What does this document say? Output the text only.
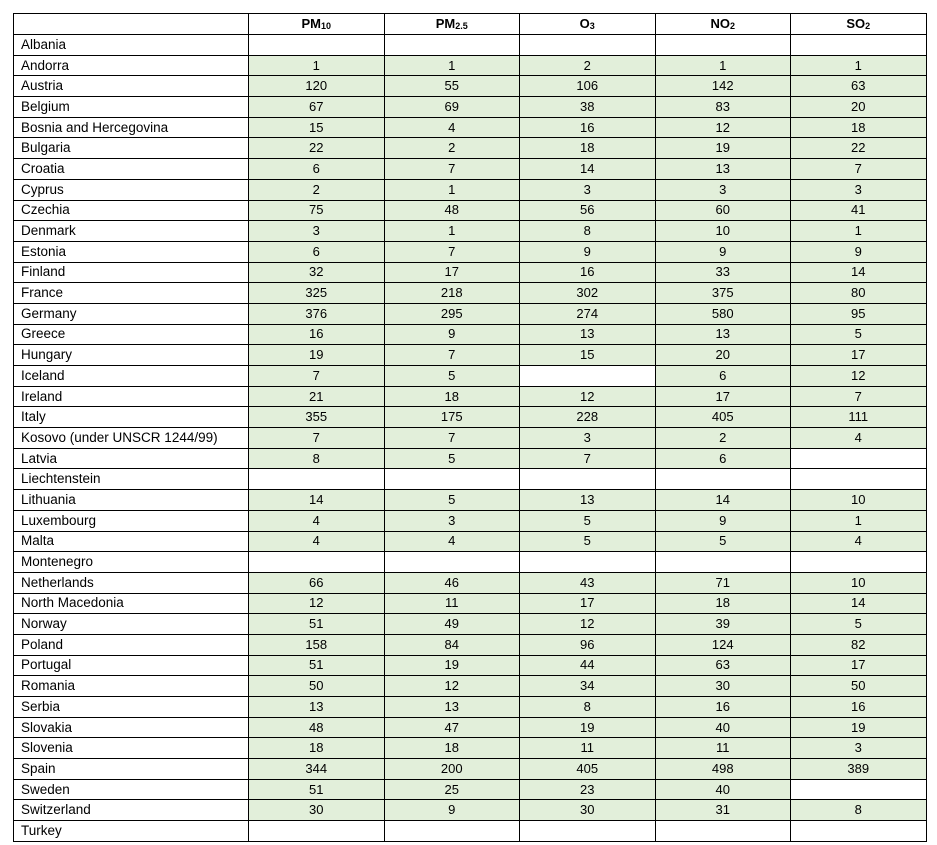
	$PM_{10}$	$PM_{2.5}$	$O_3$	$NO_2$	$SO_2$
Albania					
Andorra	1	1	2	1	1
Austria	120	55	106	142	63
Belgium	67	69	38	83	20
Bosnia and Hercegovina	15	4	16	12	18
Bulgaria	22	2	18	19	22
Croatia	6	7	14	13	7
Cyprus	2	1	3	3	3
Czechia	75	48	56	60	41
Denmark	3	1	8	10	1
Estonia	6	7	9	9	9
Finland	32	17	16	33	14
France	325	218	302	375	80
Germany	376	295	274	580	95
Greece	16	9	13	13	5
Hungary	19	7	15	20	17
Iceland	7	5		6	12
Ireland	21	18	12	17	7
Italy	355	175	228	405	111
Kosovo (under UNSCR 1244/99)	7	7	3	2	4
Latvia	8	5	7	6	
Liechtenstein					
Lithuania	14	5	13	14	10
Luxembourg	4	3	5	9	1
Malta	4	4	5	5	4
Montenegro					
Netherlands	66	46	43	71	10
North Macedonia	12	11	17	18	14
Norway	51	49	12	39	5
Poland	158	84	96	124	82
Portugal	51	19	44	63	17
Romania	50	12	34	30	50
Serbia	13	13	8	16	16
Slovakia	48	47	19	40	19
Slovenia	18	18	11	11	3
Spain	344	200	405	498	389
Sweden	51	25	23	40	
Switzerland	30	9	30	31	8
Turkey					
